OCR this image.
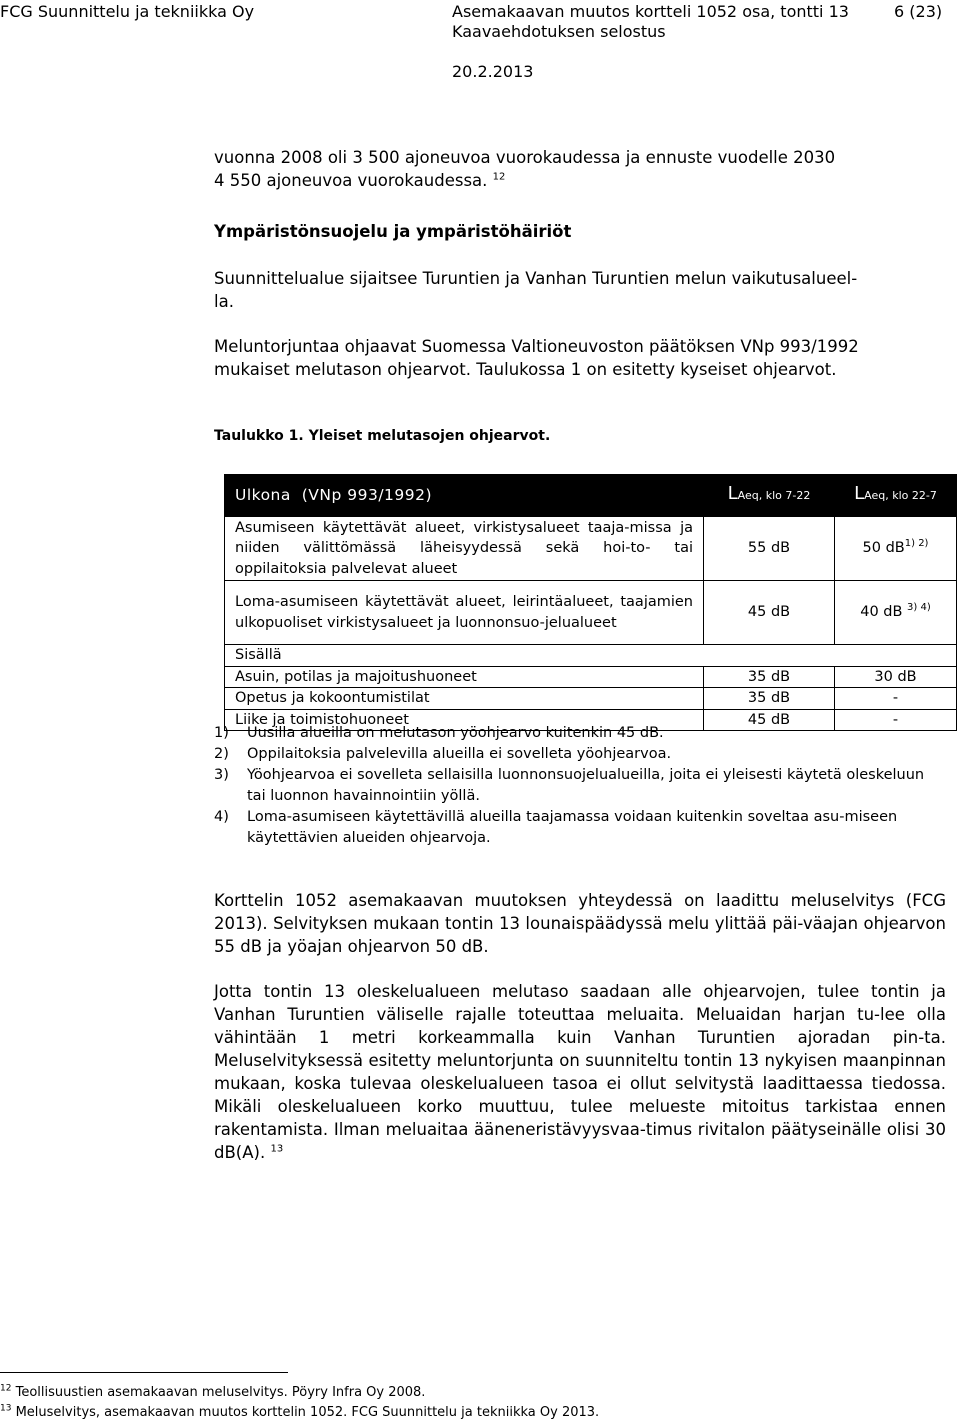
FCG Suunnittelu ja tekniikka Oy	Asemakaavan muutos kortteli 1052 osa, tontti 13	6 (23)
Kaavaehdotuksen selostus
20.2.2013
vuonna 2008 oli 3 500 ajoneuvoa vuorokaudessa ja ennuste vuodelle 2030
4 550 ajoneuvoa vuorokaudessa. $^{12}$
Ympäristönsuojelu ja ympäristöhäiriöt
Suunnittelualue sijaitsee Turuntien ja Vanhan Turuntien melun vaikutusalueel-
la.
Meluntorjuntaa ohjaavat Suomessa Valtioneuvoston päätöksen VNp 993/1992
mukaiset melutason ohjearvot. Taulukossa 1 on esitetty kyseiset ohjearvot.
Taulukko 1. Yleiset melutasojen ohjearvot.
Ulkona  (VNp 993/1992)	LAeq, klo 7-22	LAeq, klo 22-7
Asumiseen käytettävät alueet, virkistysalueet taaja-missa ja niiden välittömässä läheisyydessä sekä hoi-to- tai oppilaitoksia palvelevat alueet	55 dB	50 $dB^{1) 2)}$
Loma-asumiseen käytettävät alueet, leirintäalueet, taajamien ulkopuoliset virkistysalueet ja luonnonsuo-jelualueet	45 dB	40 dB $^{3) 4)}$
Sisällä		
Asuin, potilas ja majoitushuoneet	35 dB	30 dB
Opetus ja kokoontumistilat	35 dB	-
Liike ja toimistohuoneet	45 dB	-
1)	Uusilla alueilla on melutason yöohjearvo kuitenkin 45 dB.
2)	Oppilaitoksia palvelevilla alueilla ei sovelleta yöohjearvoa.
3)	Yöohjearvoa ei sovelleta sellaisilla luonnonsuojelualueilla, joita ei yleisesti käytetä oleskeluun tai luonnon havainnointiin yöllä.
4)	Loma-asumiseen käytettävillä alueilla taajamassa voidaan kuitenkin soveltaa asu-miseen käytettävien alueiden ohjearvoja.
Korttelin 1052 asemakaavan muutoksen yhteydessä on laadittu meluselvitys (FCG 2013). Selvityksen mukaan tontin 13 lounaispäädyssä melu ylittää päi-väajan ohjearvon 55 dB ja yöajan ohjearvon 50 dB.
Jotta tontin 13 oleskelualueen melutaso saadaan alle ohjearvojen, tulee tontin ja Vanhan Turuntien väliselle rajalle toteuttaa meluaita. Meluaidan harjan tu-lee olla vähintään 1 metri korkeammalla kuin Vanhan Turuntien ajoradan pin-ta. Meluselvityksessä esitetty meluntorjunta on suunniteltu tontin 13 nykyisen maanpinnan mukaan, koska tulevaa oleskelualueen tasoa ei ollut selvitystä laadittaessa tiedossa. Mikäli oleskelualueen korko muuttuu, tulee melueste mitoitus tarkistaa ennen rakentamista. Ilman meluaitaa ääneneristävyysvaa-timus rivitalon päätyseinälle olisi 30 dB(A). $^{13}$
$^{12}$ Teollisuustien asemakaavan meluselvitys. Pöyry Infra Oy 2008.
$^{13}$ Meluselvitys, asemakaavan muutos korttelin 1052. FCG Suunnittelu ja tekniikka Oy 2013.
